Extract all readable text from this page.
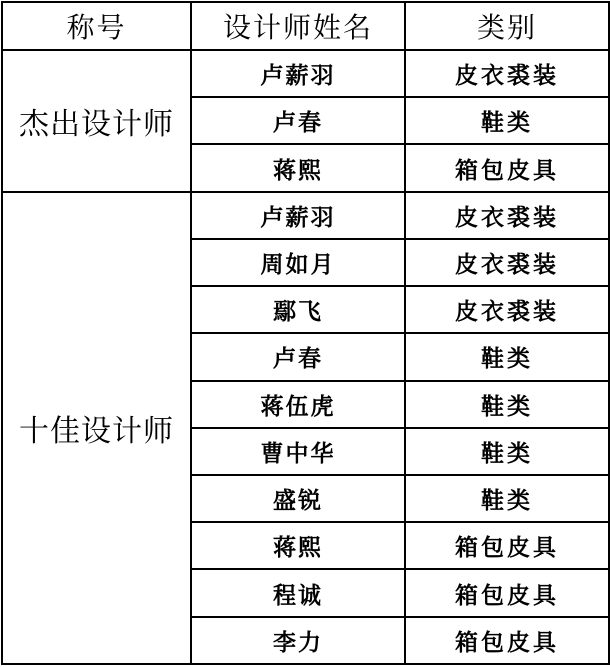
称号	设计师姓名	类别
杰出设计师	卢薪羽	皮衣裘装
	卢春	鞋类
	蒋熙	箱包皮具
十佳设计师	卢薪羽	皮衣裘装
	周如月	皮衣裘装
	鄢飞	皮衣裘装
	卢春	鞋类
	蒋伍虎	鞋类
	曹中华	鞋类
	盛锐	鞋类
	蒋熙	箱包皮具
	程诚	箱包皮具
	李力	箱包皮具
